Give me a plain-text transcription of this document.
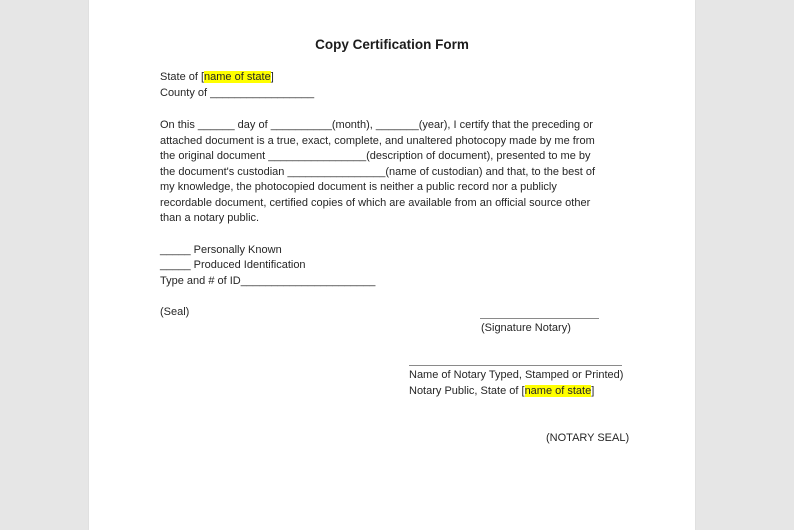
Copy Certification Form
State of [name of state]
County of _________________
On this ______ day of __________(month), _______(year), I certify that the preceding or
attached document is a true, exact, complete, and unaltered photocopy made by me from
the original document ________________(description of document), presented to me by
the document's custodian ________________(name of custodian) and that, to the best of
my knowledge, the photocopied document is neither a public record nor a publicly
recordable document, certified copies of which are available from an official source other
than a notary public.
_____ Personally Known
_____ Produced Identification
Type and # of ID______________________
(Seal)
(Signature Notary)
Name of Notary Typed, Stamped or Printed)
Notary Public, State of [name of state]
(NOTARY SEAL)
